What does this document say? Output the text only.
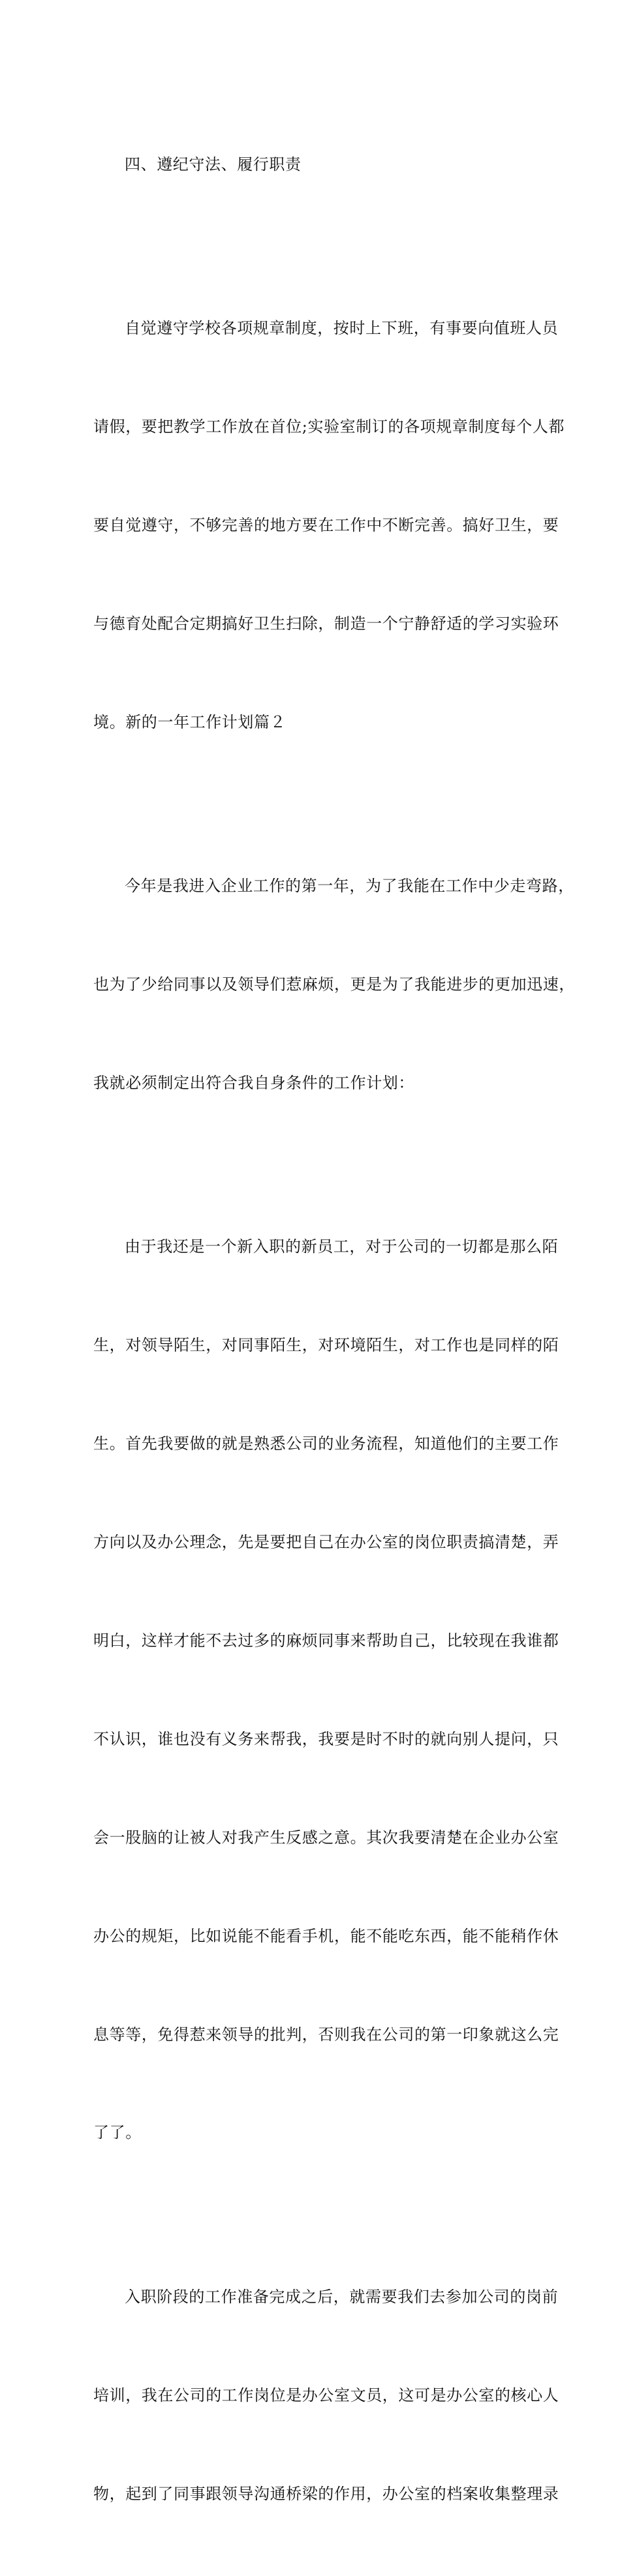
四、遵纪守法、履行职责

自觉遵守学校各项规章制度，按时上下班，有事要向值班人员

请假，要把教学工作放在首位;实验室制订的各项规章制度每个人都

要自觉遵守，不够完善的地方要在工作中不断完善。搞好卫生，要

与德育处配合定期搞好卫生扫除，制造一个宁静舒适的学习实验环

境。新的一年工作计划篇２

今年是我进入企业工作的第一年，为了我能在工作中少走弯路，

也为了少给同事以及领导们惹麻烦，更是为了我能进步的更加迅速，

我就必须制定出符合我自身条件的工作计划：

由于我还是一个新入职的新员工，对于公司的一切都是那么陌

生，对领导陌生，对同事陌生，对环境陌生，对工作也是同样的陌

生。首先我要做的就是熟悉公司的业务流程，知道他们的主要工作

方向以及办公理念，先是要把自己在办公室的岗位职责搞清楚，弄

明白，这样才能不去过多的麻烦同事来帮助自己，比较现在我谁都

不认识，谁也没有义务来帮我，我要是时不时的就向别人提问，只

会一股脑的让被人对我产生反感之意。其次我要清楚在企业办公室

办公的规矩，比如说能不能看手机，能不能吃东西，能不能稍作休

息等等，免得惹来领导的批判，否则我在公司的第一印象就这么完

了了。

入职阶段的工作准备完成之后，就需要我们去参加公司的岗前

培训，我在公司的工作岗位是办公室文员，这可是办公室的核心人

物，起到了同事跟领导沟通桥梁的作用，办公室的档案收集整理录
